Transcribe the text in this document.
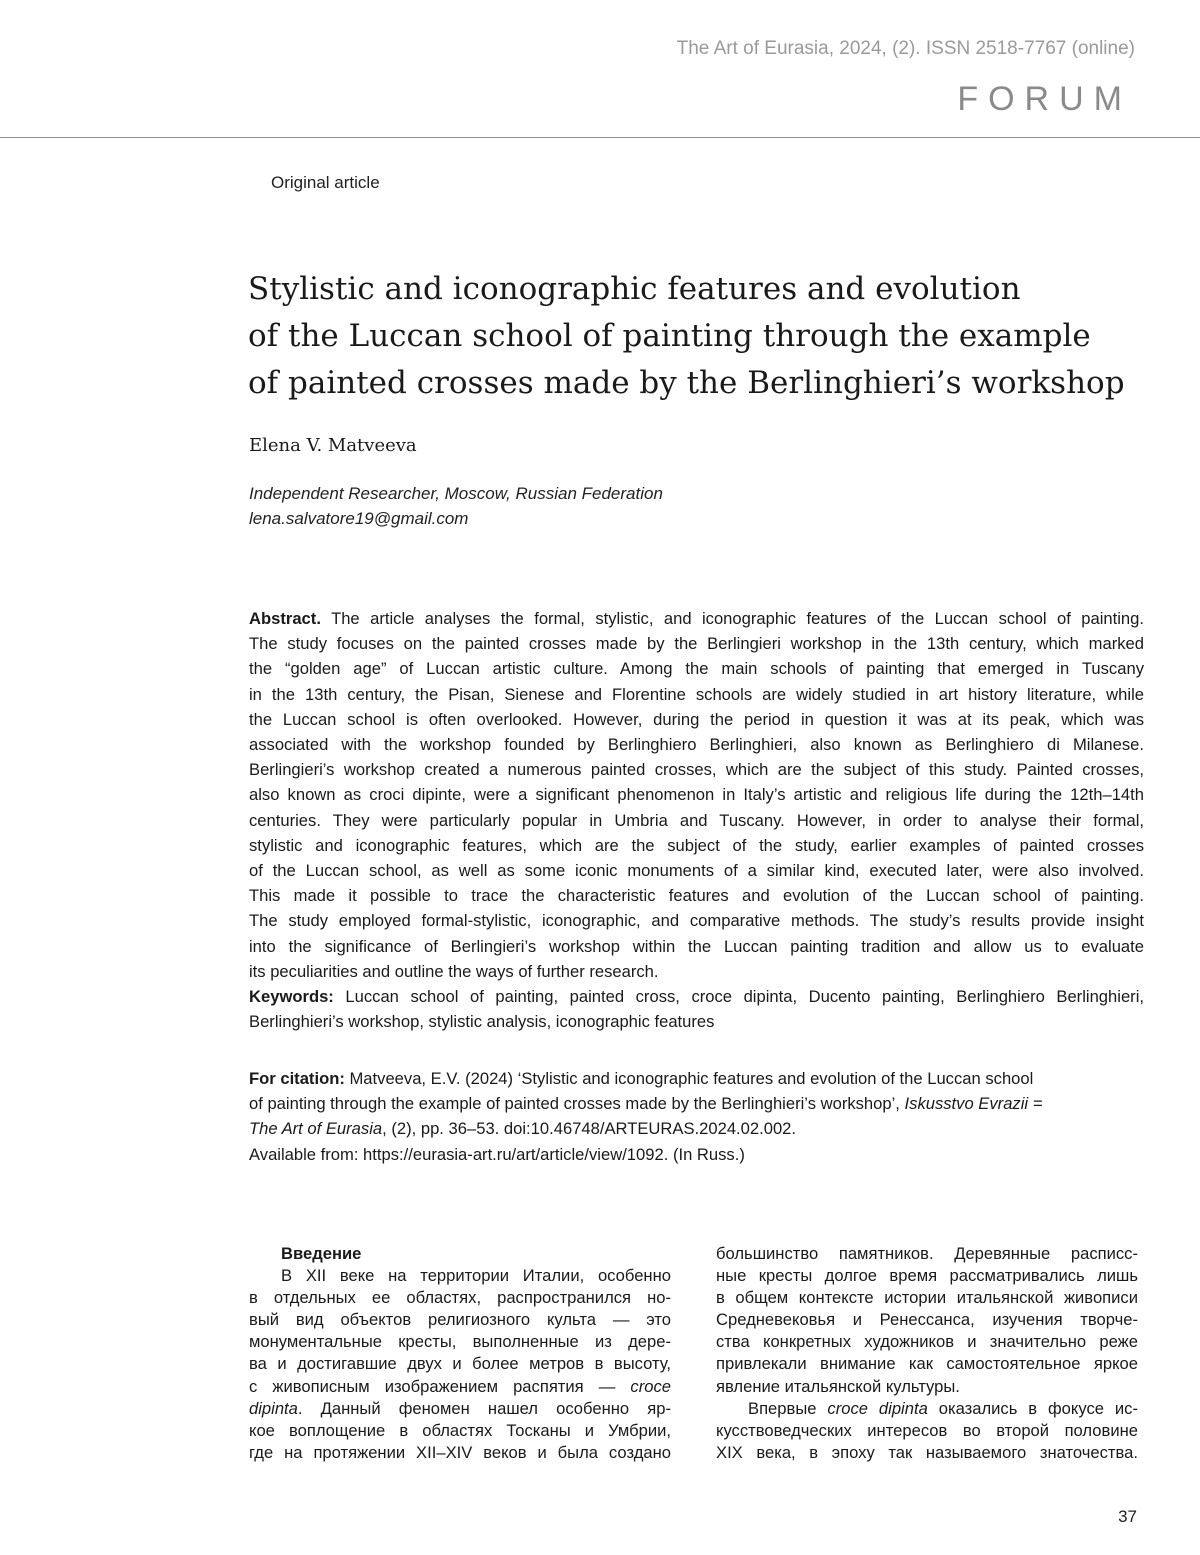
The Art of Eurasia, 2024, (2). ISSN 2518-7767 (online)
FORUM
Original article
Stylistic and iconographic features and evolution
of the Luccan school of painting through the example
of painted crosses made by the Berlinghieri’s workshop
Elena V. Matveeva
Independent Researcher, Moscow, Russian Federation
lena.salvatore19@gmail.com
Abstract. The article analyses the formal, stylistic, and iconographic features of the Luccan school of painting.
The study focuses on the painted crosses made by the Berlingieri workshop in the 13th century, which marked
the “golden age” of Luccan artistic culture. Among the main schools of painting that emerged in Tuscany
in the 13th century, the Pisan, Sienese and Florentine schools are widely studied in art history literature, while
the Luccan school is often overlooked. However, during the period in question it was at its peak, which was
associated with the workshop founded by Berlinghiero Berlinghieri, also known as Berlinghiero di Milanese.
Berlingieri’s workshop created a numerous painted crosses, which are the subject of this study. Painted crosses,
also known as croci dipinte, were a significant phenomenon in Italy’s artistic and religious life during the 12th–14th
centuries. They were particularly popular in Umbria and Tuscany. However, in order to analyse their formal,
stylistic and iconographic features, which are the subject of the study, earlier examples of painted crosses
of the Luccan school, as well as some iconic monuments of a similar kind, executed later, were also involved.
This made it possible to trace the characteristic features and evolution of the Luccan school of painting.
The study employed formal-stylistic, iconographic, and comparative methods. The study’s results provide insight
into the significance of Berlingieri’s workshop within the Luccan painting tradition and allow us to evaluate
its peculiarities and outline the ways of further research.
Keywords: Luccan school of painting, painted cross, croce dipinta, Ducento painting, Berlinghiero Berlinghieri,
Berlinghieri’s workshop, stylistic analysis, iconographic features
For citation: Matveeva, E.V. (2024) ‘Stylistic and iconographic features and evolution of the Luccan school
of painting through the example of painted crosses made by the Berlinghieri’s workshop’, Iskusstvo Evrazii =
The Art of Eurasia, (2), pp. 36–53. doi:10.46748/ARTEURAS.2024.02.002.
Available from: https://eurasia-art.ru/art/article/view/1092. (In Russ.)
Введение
В XII веке на территории Италии, особенно
в отдельных ее областях, распространился но-
вый вид объектов религиозного культа — это
монументальные кресты, выполненные из дере-
ва и достигавшие двух и более метров в высоту,
с живописным изображением распятия — croce
dipinta. Данный феномен нашел особенно яр-
кое воплощение в областях Тосканы и Умбрии,
где на протяжении XII–XIV веков и была создано
большинство памятников. Деревянные расписс-
ные кресты долгое время рассматривались лишь
в общем контексте истории итальянской живописи
Средневековья и Ренессанса, изучения творче-
ства конкретных художников и значительно реже
привлекали внимание как самостоятельное яркое
явление итальянской культуры.
Впервые croce dipinta оказались в фокусе ис-
кусствоведческих интересов во второй половине
XIX века, в эпоху так называемого знаточества.
37
